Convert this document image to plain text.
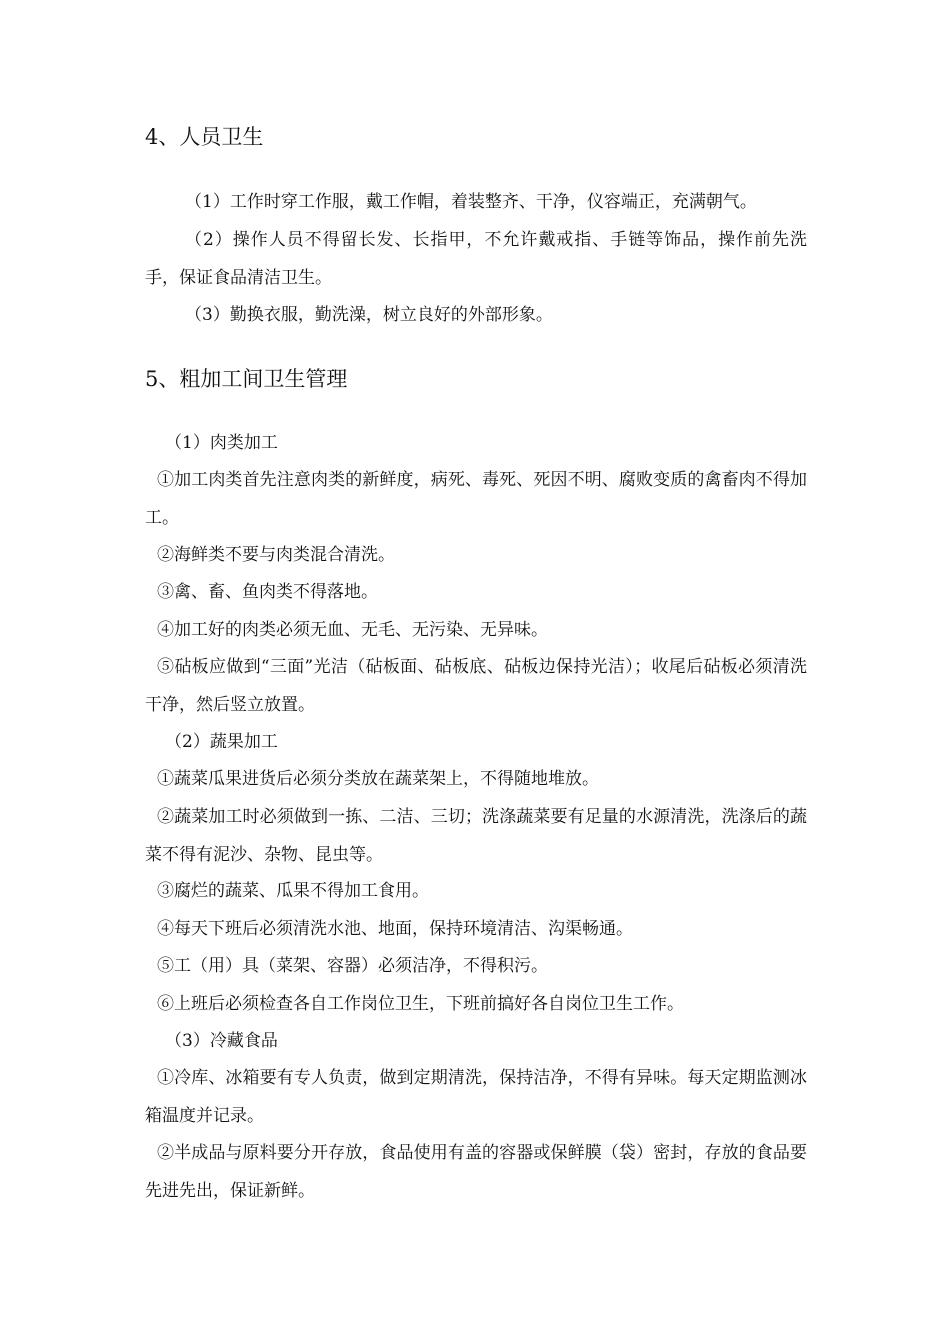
4、人员卫生

（1）工作时穿工作服，戴工作帽，着装整齐、干净，仪容端正，充满朝气。

（2）操作人员不得留长发、长指甲，不允许戴戒指、手链等饰品，操作前先洗手，保证食品清洁卫生。

（3）勤换衣服，勤洗澡，树立良好的外部形象。

5、粗加工间卫生管理

（1）肉类加工

①加工肉类首先注意肉类的新鲜度，病死、毒死、死因不明、腐败变质的禽畜肉不得加工。

②海鲜类不要与肉类混合清洗。

③禽、畜、鱼肉类不得落地。

④加工好的肉类必须无血、无毛、无污染、无异味。

⑤砧板应做到“三面”光洁（砧板面、砧板底、砧板边保持光洁）；收尾后砧板必须清洗干净，然后竖立放置。

（2）蔬果加工

①蔬菜瓜果进货后必须分类放在蔬菜架上，不得随地堆放。

②蔬菜加工时必须做到一拣、二洁、三切；洗涤蔬菜要有足量的水源清洗，洗涤后的蔬菜不得有泥沙、杂物、昆虫等。

③腐烂的蔬菜、瓜果不得加工食用。

④每天下班后必须清洗水池、地面，保持环境清洁、沟渠畅通。

⑤工（用）具（菜架、容器）必须洁净，不得积污。

⑥上班后必须检查各自工作岗位卫生，下班前搞好各自岗位卫生工作。

（3）冷藏食品

①冷库、冰箱要有专人负责，做到定期清洗，保持洁净，不得有异味。每天定期监测冰箱温度并记录。

②半成品与原料要分开存放，食品使用有盖的容器或保鲜膜（袋）密封，存放的食品要先进先出，保证新鲜。
